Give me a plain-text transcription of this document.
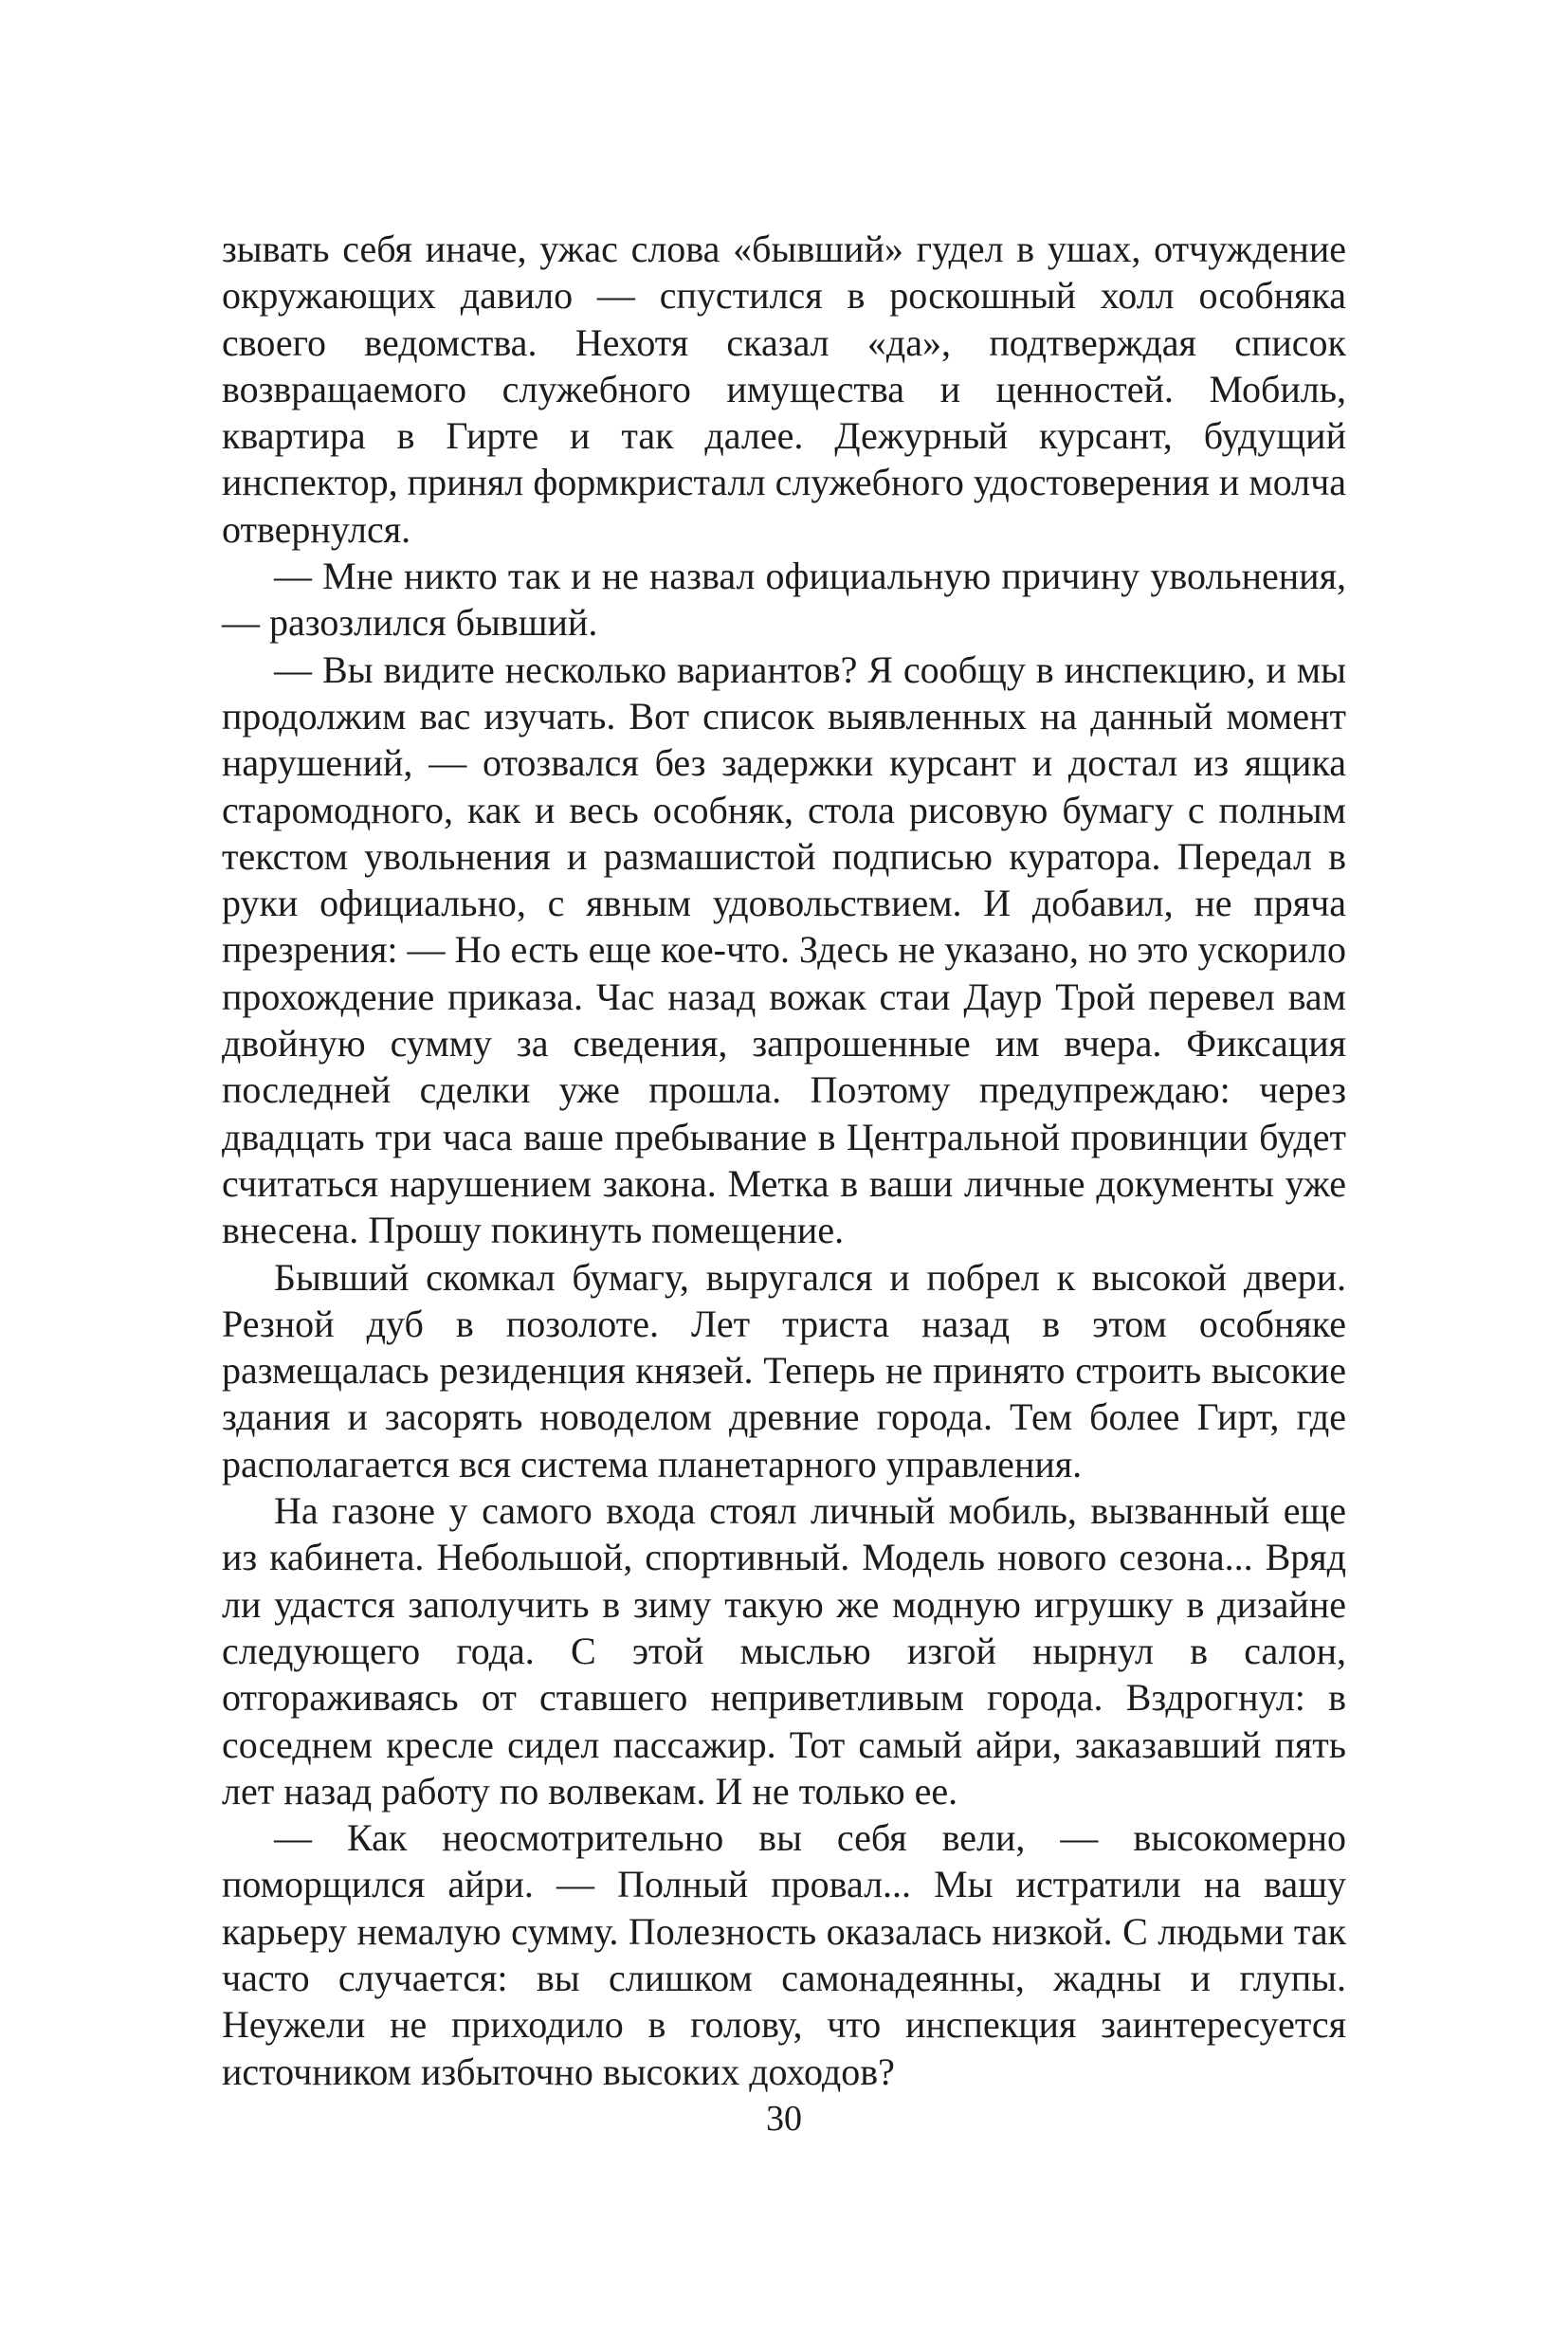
зывать себя иначе, ужас слова «бывший» гудел в ушах, отчуждение окружающих давило — спустился в роскошный холл особняка своего ведомства. Нехотя сказал «да», подтверждая список возвращаемого служебного имущества и ценностей. Мобиль, квартира в Гирте и так далее. Дежурный курсант, будущий инспектор, принял формкристалл служебного удостоверения и молча отвернулся.

— Мне никто так и не назвал официальную причину увольнения, — разозлился бывший.

— Вы видите несколько вариантов? Я сообщу в инспекцию, и мы продолжим вас изучать. Вот список выявленных на данный момент нарушений, — отозвался без задержки курсант и достал из ящика старомодного, как и весь особняк, стола рисовую бумагу с полным текстом увольнения и размашистой подписью куратора. Передал в руки официально, с явным удовольствием. И добавил, не пряча презрения: — Но есть еще кое-что. Здесь не указано, но это ускорило прохождение приказа. Час назад вожак стаи Даур Трой перевел вам двойную сумму за сведения, запрошенные им вчера. Фиксация последней сделки уже прошла. Поэтому предупреждаю: через двадцать три часа ваше пребывание в Центральной провинции будет считаться нарушением закона. Метка в ваши личные документы уже внесена. Прошу покинуть помещение.

Бывший скомкал бумагу, выругался и побрел к высокой двери. Резной дуб в позолоте. Лет триста назад в этом особняке размещалась резиденция князей. Теперь не принято строить высокие здания и засорять новоделом древние города. Тем более Гирт, где располагается вся система планетарного управления.

На газоне у самого входа стоял личный мобиль, вызванный еще из кабинета. Небольшой, спортивный. Модель нового сезона... Вряд ли удастся заполучить в зиму такую же модную игрушку в дизайне следующего года. С этой мыслью изгой нырнул в салон, отгораживаясь от ставшего неприветливым города. Вздрогнул: в соседнем кресле сидел пассажир. Тот самый айри, заказавший пять лет назад работу по волвекам. И не только ее.

— Как неосмотрительно вы себя вели, — высокомерно поморщился айри. — Полный провал... Мы истратили на вашу карьеру немалую сумму. Полезность оказалась низкой. С людьми так часто случается: вы слишком самонадеянны, жадны и глупы. Неужели не приходило в голову, что инспекция заинтересуется источником избыточно высоких доходов?

30
